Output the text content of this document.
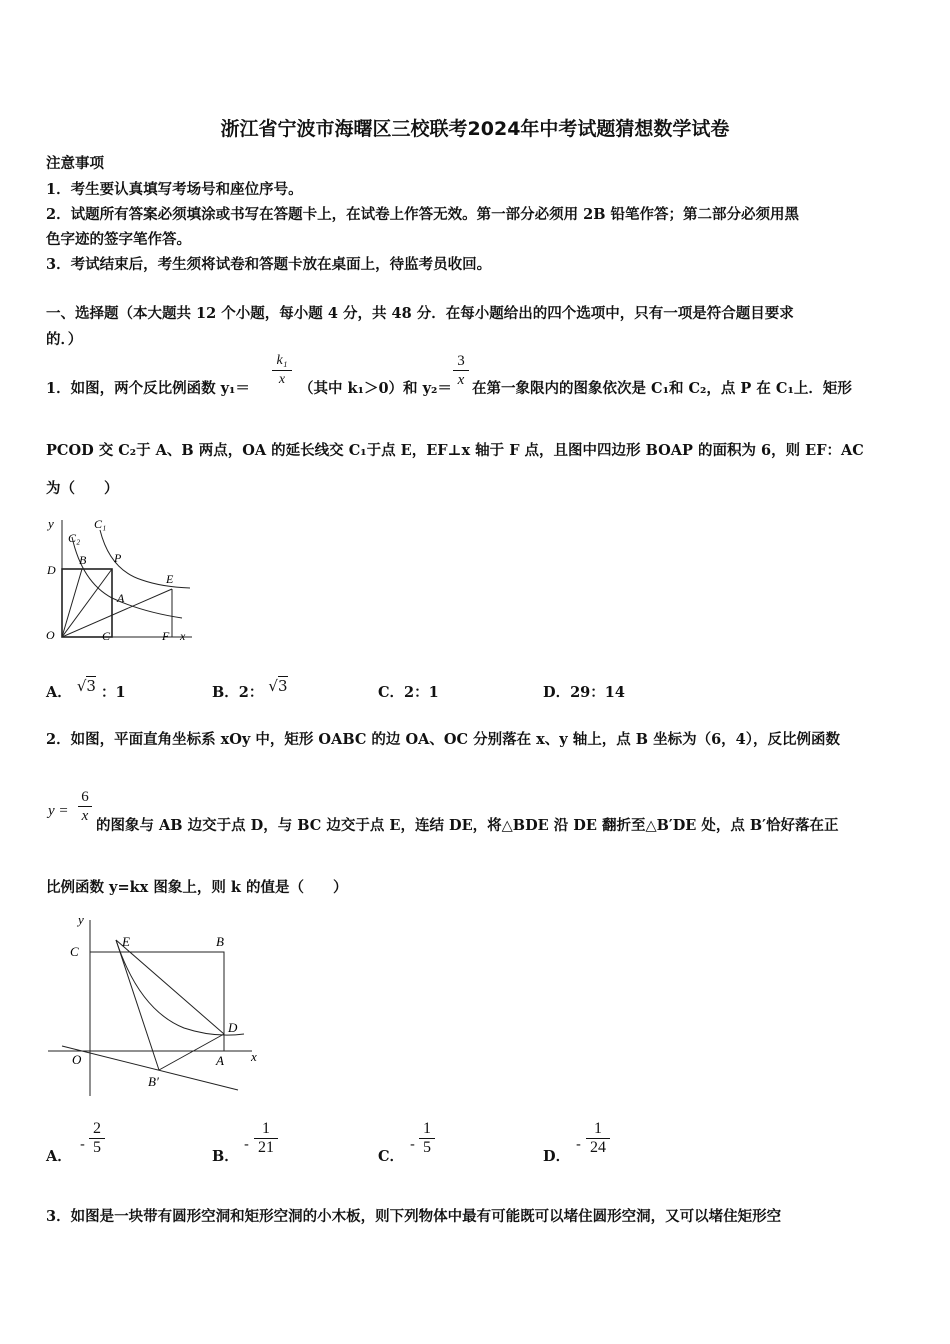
浙江省宁波市海曙区三校联考2024年中考试题猜想数学试卷
注意事项
1．考生要认真填写考场号和座位序号。
2．试题所有答案必须填涂或书写在答题卡上，在试卷上作答无效。第一部分必须用 2B 铅笔作答；第二部分必须用黑
色字迹的签字笔作答。
3．考试结束后，考生须将试卷和答题卡放在桌面上，待监考员收回。
一、选择题（本大题共 12 个小题，每小题 4 分，共 48 分．在每小题给出的四个选项中，只有一项是符合题目要求
的．）
1．如图，两个反比例函数 y₁＝
k₁
x
（其中 k₁＞0）和 y₂＝
3
x 在第一象限内的图象依次是 C₁和 C₂，点 P 在 C₁上．矩形
PCOD 交 C₂于 A、B 两点，OA 的延长线交 C₁于点 E，EF⊥x 轴于 F 点，且图中四边形 BOAP 的面积为 6，则 EF：AC
为（　　）
y
C₂
C₁
B P
D
E
A
O	C	F x
A． √3 ：1	B．2： √3	C．2：1	D．29：14
2．如图，平面直角坐标系 xOy 中，矩形 OABC 的边 OA、OC 分别落在 x、y 轴上，点 B 坐标为（6，4），反比例函数
y =
6
x
的图象与 AB 边交于点 D，与 BC 边交于点 E，连结 DE，将△BDE 沿 DE 翻折至△B′DE 处，点 B′恰好落在正
比例函数 y=kx 图象上，则 k 的值是（　　）
y
C
E	B
D
O	A x
B′
A．
-
2
5
B．
-
1
21
C．
-
1
5
D．
-
1
24
3．如图是一块带有圆形空洞和矩形空洞的小木板，则下列物体中最有可能既可以堵住圆形空洞，又可以堵住矩形空
